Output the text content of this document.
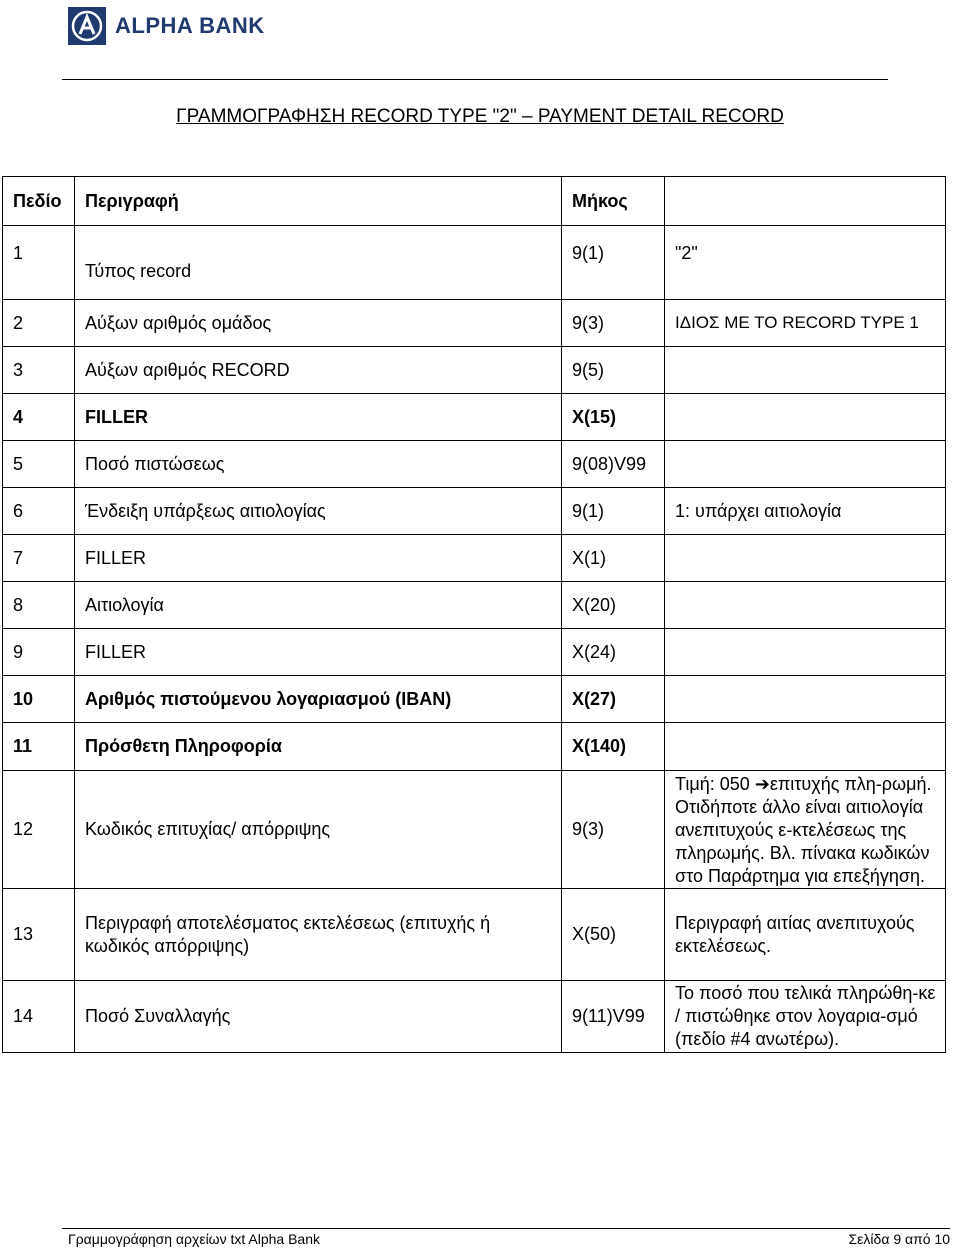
ALPHA BANK
ΓΡΑΜΜΟΓΡΑΦΗΣΗ RECORD TYPE "2" – PAYMENT DETAIL RECORD
Πεδίο	Περιγραφή	Μήκος	
1	Τύπος record	9(1)	"2"
2	Αύξων αριθμός ομάδος	9(3)	ΙΔΙΟΣ ΜΕ ΤΟ RECORD TYPE 1
3	Αύξων αριθμός RECORD	9(5)	
4	FILLER	X(15)	
5	Ποσό πιστώσεως	9(08)V99	
6	Ένδειξη υπάρξεως αιτιολογίας	9(1)	1: υπάρχει αιτιολογία
7	FILLER	X(1)	
8	Αιτιολογία	X(20)	
9	FILLER	X(24)	
10	Αριθμός πιστούμενου λογαριασμού (IBAN)	X(27)	
11	Πρόσθετη Πληροφορία	X(140)	
12	Κωδικός επιτυχίας/ απόρριψης	9(3)	Τιμή: 050 ➔επιτυχής πλη-ρωμή. Οτιδήποτε άλλο είναι αιτιολογία ανεπιτυχούς ε-κτελέσεως της πληρωμής. Βλ. πίνακα κωδικών στο Παράρτημα για επεξήγηση.
13	Περιγραφή αποτελέσματος εκτελέσεως (επιτυχής ή κωδικός απόρριψης)	X(50)	Περιγραφή αιτίας ανεπιτυχούς εκτελέσεως.
14	Ποσό Συναλλαγής	9(11)V99	Το ποσό που τελικά πληρώθη-κε / πιστώθηκε στον λογαρια-σμό (πεδίο #4 ανωτέρω).
Γραμμογράφηση αρχείων txt Alpha Bank	Σελίδα 9 από 10
